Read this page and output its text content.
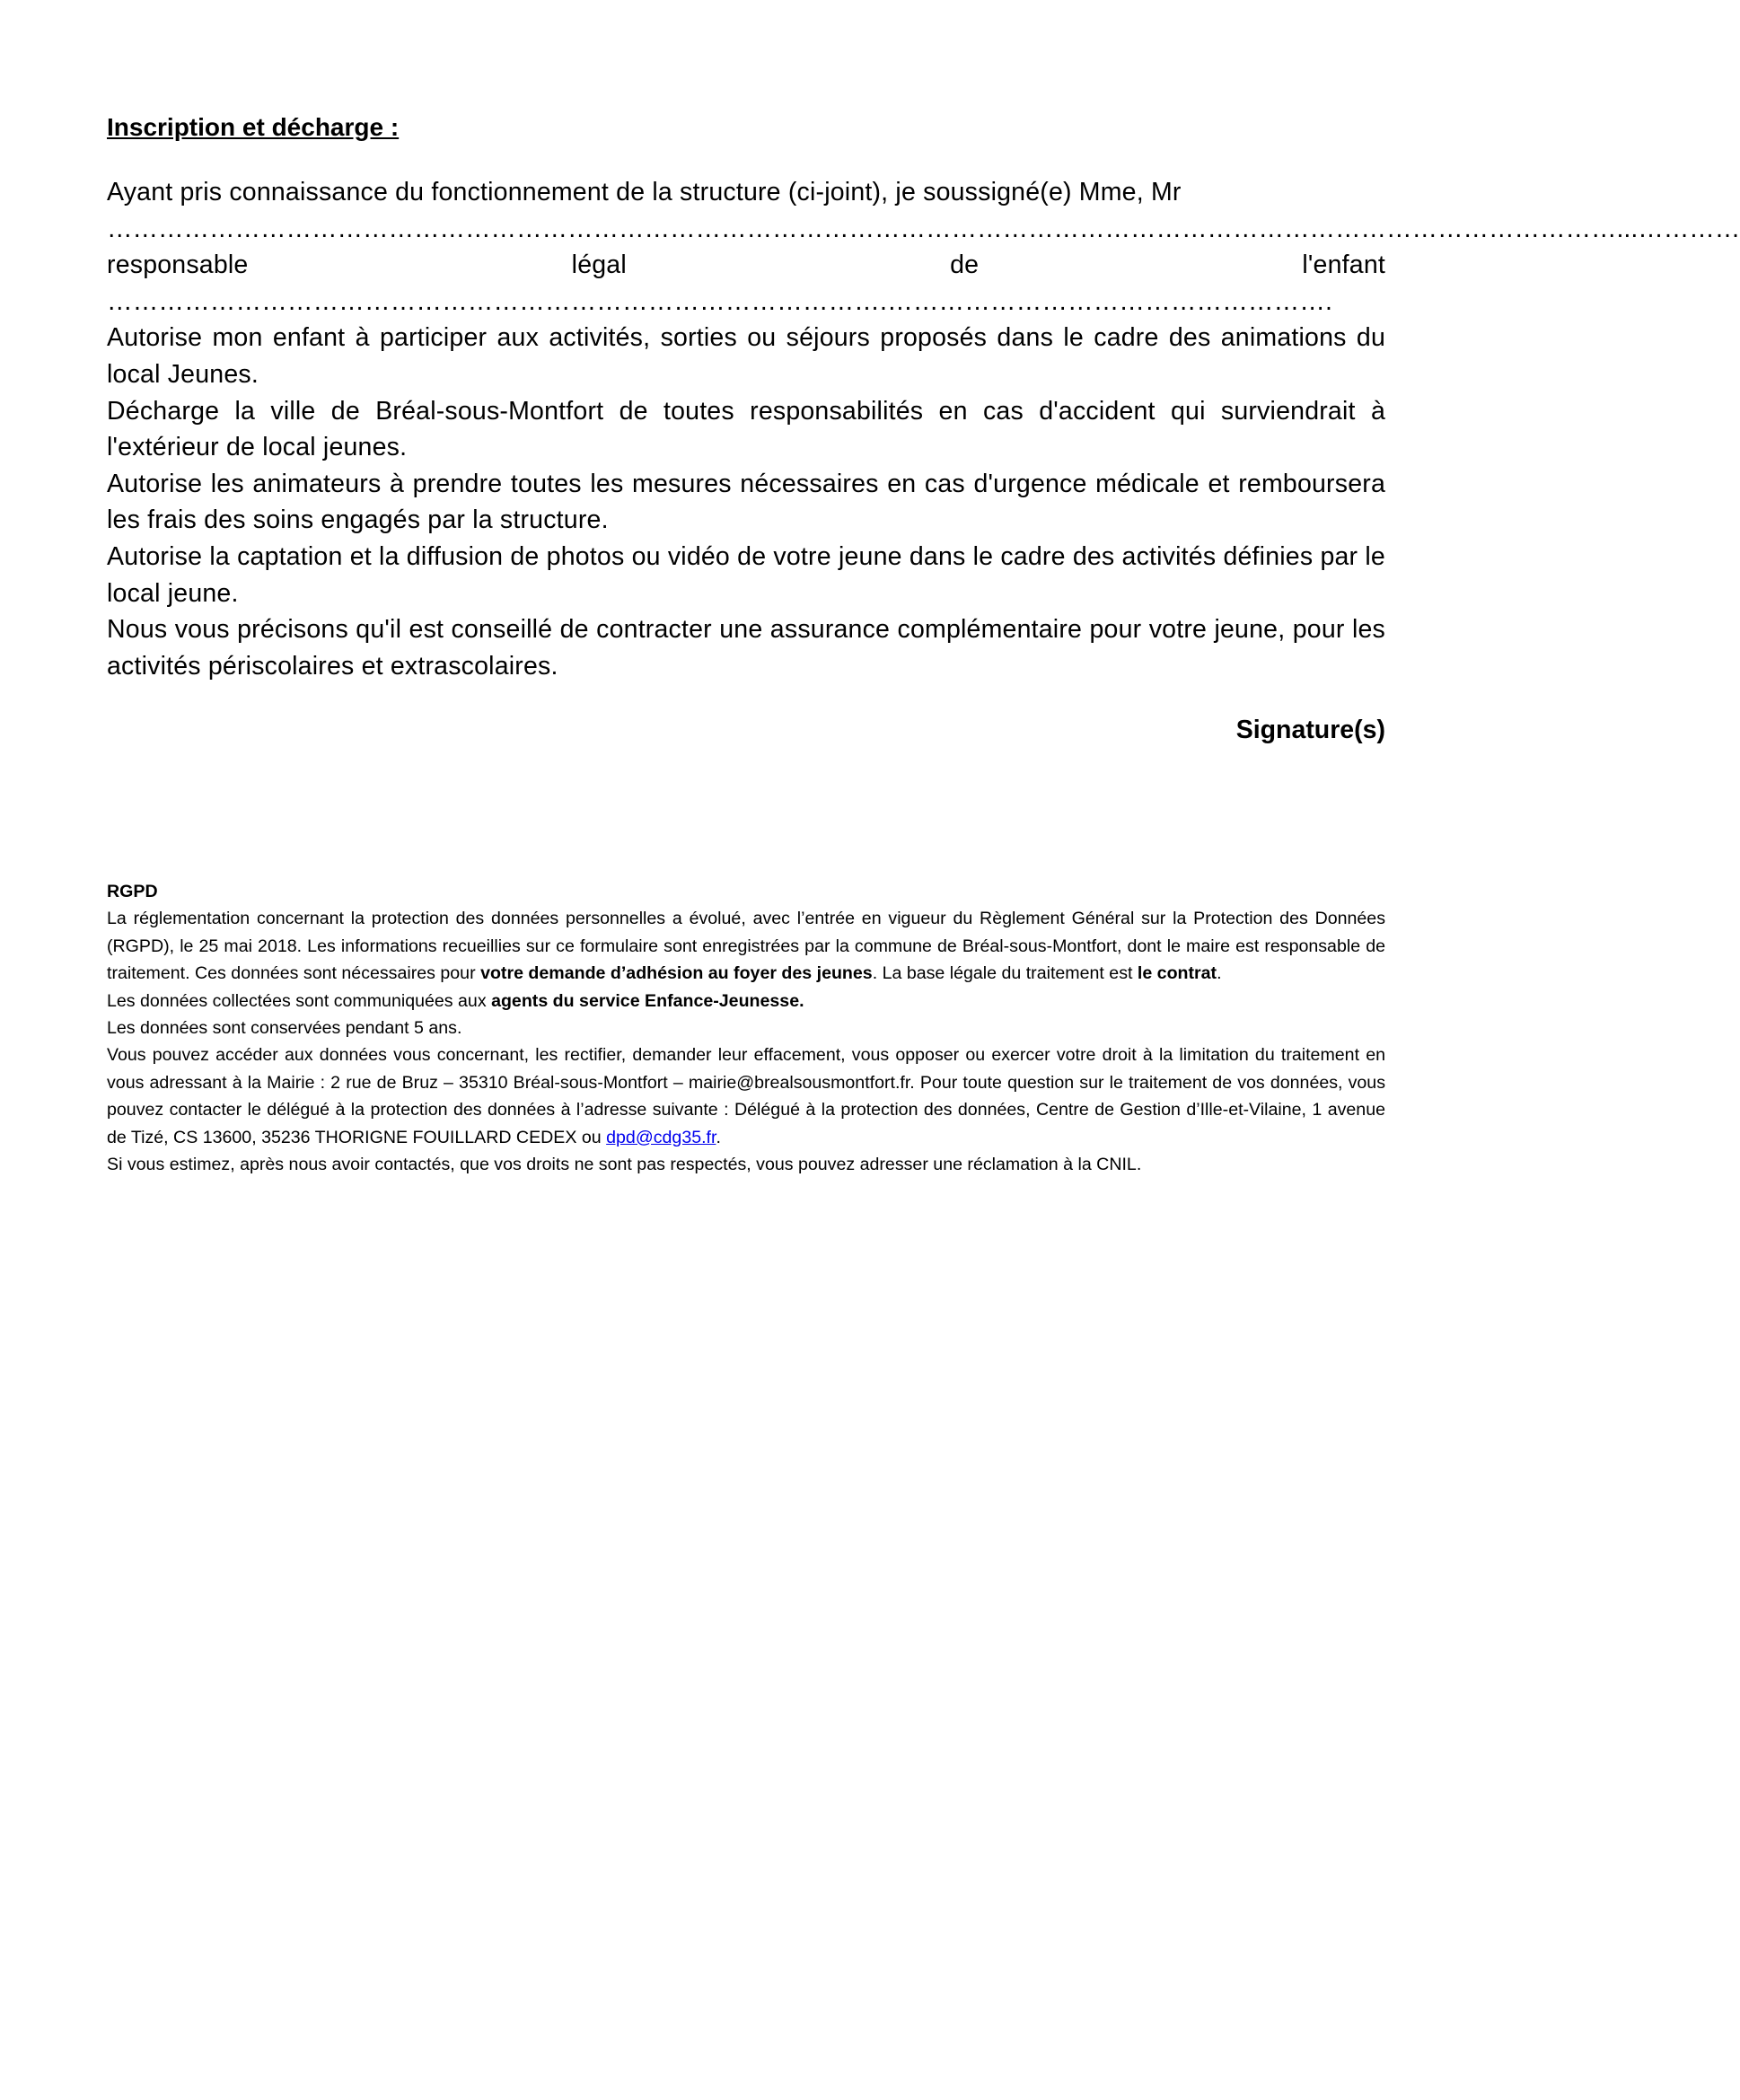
Inscription et décharge :

Ayant pris connaissance du fonctionnement de la structure (ci-joint), je soussigné(e) Mme, Mr

……………………………………………………………………………………………………………………………………………………………...…………

responsable légal de l'enfant ……………………………………………………………………………….…………………………………………….

Autorise mon enfant à participer aux activités, sorties ou séjours proposés dans le cadre des animations du local Jeunes.

Décharge la ville de Bréal-sous-Montfort de toutes responsabilités en cas d'accident qui surviendrait à l'extérieur de local jeunes.

Autorise les animateurs à prendre toutes les mesures nécessaires en cas d'urgence médicale et remboursera les frais des soins engagés par la structure.

Autorise la captation et la diffusion de photos ou vidéo de votre jeune dans le cadre des activités définies par le local jeune.

Nous vous précisons qu'il est conseillé de contracter une assurance complémentaire pour votre jeune, pour les activités périscolaires et extrascolaires.

Signature(s)

RGPD

La réglementation concernant la protection des données personnelles a évolué, avec l’entrée en vigueur du Règlement Général sur la Protection des Données (RGPD), le 25 mai 2018. Les informations recueillies sur ce formulaire sont enregistrées par la commune de Bréal-sous-Montfort, dont le maire est responsable de traitement. Ces données sont nécessaires pour votre demande d’adhésion au foyer des jeunes. La base légale du traitement est le contrat.

Les données collectées sont communiquées aux agents du service Enfance-Jeunesse.

Les données sont conservées pendant 5 ans.

Vous pouvez accéder aux données vous concernant, les rectifier, demander leur effacement, vous opposer ou exercer votre droit à la limitation du traitement en vous adressant à la Mairie : 2 rue de Bruz – 35310 Bréal-sous-Montfort – mairie@brealsousmontfort.fr. Pour toute question sur le traitement de vos données, vous pouvez contacter le délégué à la protection des données à l’adresse suivante : Délégué à la protection des données, Centre de Gestion d’Ille-et-Vilaine, 1 avenue de Tizé, CS 13600, 35236 THORIGNE FOUILLARD CEDEX ou dpd@cdg35.fr.

Si vous estimez, après nous avoir contactés, que vos droits ne sont pas respectés, vous pouvez adresser une réclamation à la CNIL.
